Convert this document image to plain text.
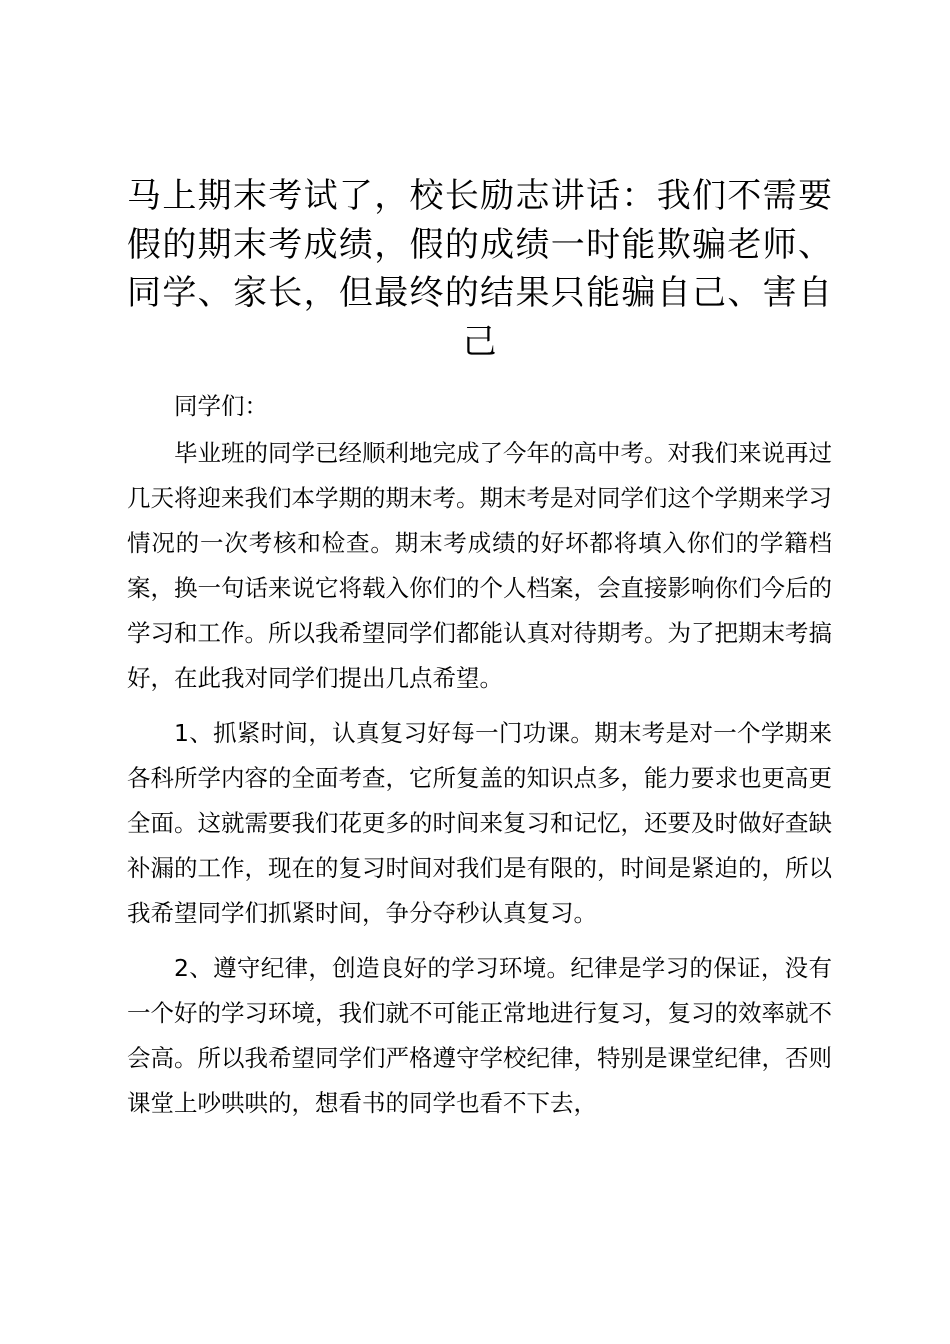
马上期末考试了，校长励志讲话：我们不需要假的期末考成绩，假的成绩一时能欺骗老师、同学、家长，但最终的结果只能骗自己、害自己

同学们：

毕业班的同学已经顺利地完成了今年的高中考。对我们来说再过几天将迎来我们本学期的期末考。期末考是对同学们这个学期来学习情况的一次考核和检查。期末考成绩的好坏都将填入你们的学籍档案，换一句话来说它将载入你们的个人档案，会直接影响你们今后的学习和工作。所以我希望同学们都能认真对待期考。为了把期末考搞好，在此我对同学们提出几点希望。

1、抓紧时间，认真复习好每一门功课。期末考是对一个学期来各科所学内容的全面考查，它所复盖的知识点多，能力要求也更高更全面。这就需要我们花更多的时间来复习和记忆，还要及时做好查缺补漏的工作，现在的复习时间对我们是有限的，时间是紧迫的，所以我希望同学们抓紧时间，争分夺秒认真复习。

2、遵守纪律，创造良好的学习环境。纪律是学习的保证，没有一个好的学习环境，我们就不可能正常地进行复习，复习的效率就不会高。所以我希望同学们严格遵守学校纪律，特别是课堂纪律，否则课堂上吵哄哄的，想看书的同学也看不下去，
